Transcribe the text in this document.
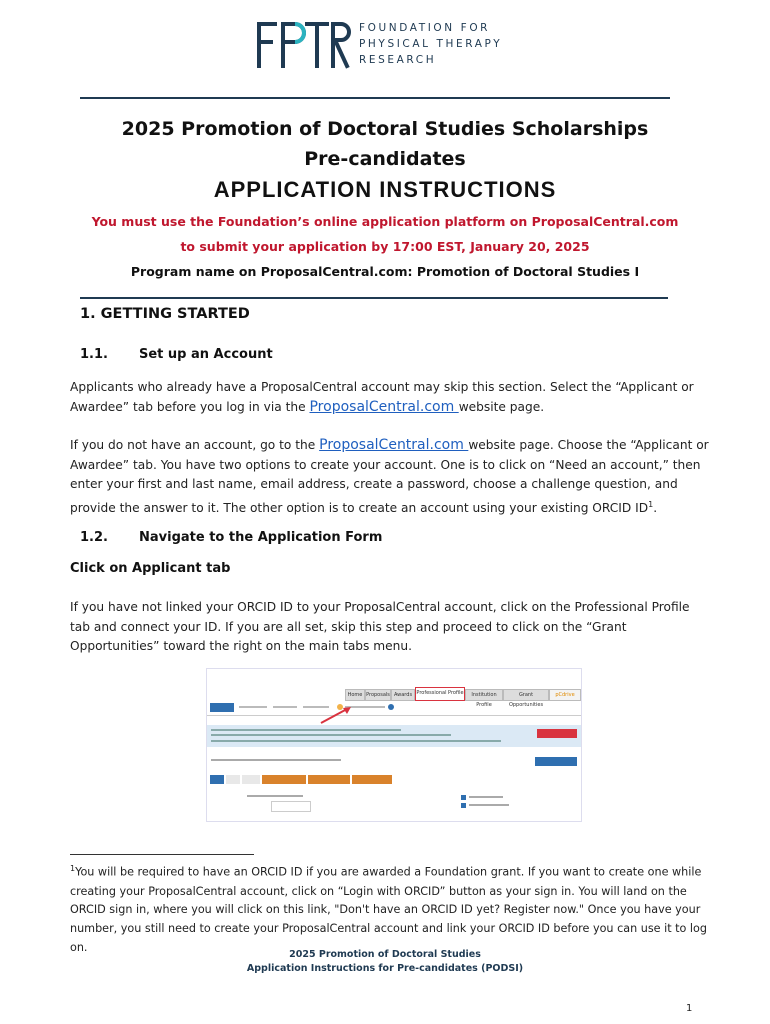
FOUNDATION FOR
PHYSICAL THERAPY
RESEARCH
2025 Promotion of Doctoral Studies Scholarships
Pre-candidates
APPLICATION INSTRUCTIONS
You must use the Foundation’s online application platform on ProposalCentral.com
to submit your application by 17:00 EST, January 20, 2025
Program name on ProposalCentral.com: Promotion of Doctoral Studies I
1. GETTING STARTED
1.1. Set up an Account
Applicants who already have a ProposalCentral account may skip this section. Select the “Applicant or Awardee” tab before you log in via the ProposalCentral.com website page.
If you do not have an account, go to the ProposalCentral.com website page. Choose the “Applicant or Awardee” tab. You have two options to create your account. One is to click on “Need an account,” then enter your first and last name, email address, create a password, choose a challenge question, and provide the answer to it. The other option is to create an account using your existing ORCID $ID^1$.
1.2. Navigate to the Application Form
Click on Applicant tab
If you have not linked your ORCID ID to your ProposalCentral account, click on the Professional Profile tab and connect your ID. If you are all set, skip this step and proceed to click on the “Grant Opportunities” toward the right on the main tabs menu.
Home Proposals Awards Professional Profile	Institution Profile
Grant Opportunities
pCdrive
$^1$You will be required to have an ORCID ID if you are awarded a Foundation grant. If you want to create one while creating your ProposalCentral account, click on “Login with ORCID” button as your sign in. You will land on the ORCID sign in, where you will click on this link, "Don't have an ORCID ID yet? Register now." Once you have your number, you still need to create your ProposalCentral account and link your ORCID ID before you can use it to log on.
2025 Promotion of Doctoral Studies
Application Instructions for Pre-candidates (PODSI)
1
